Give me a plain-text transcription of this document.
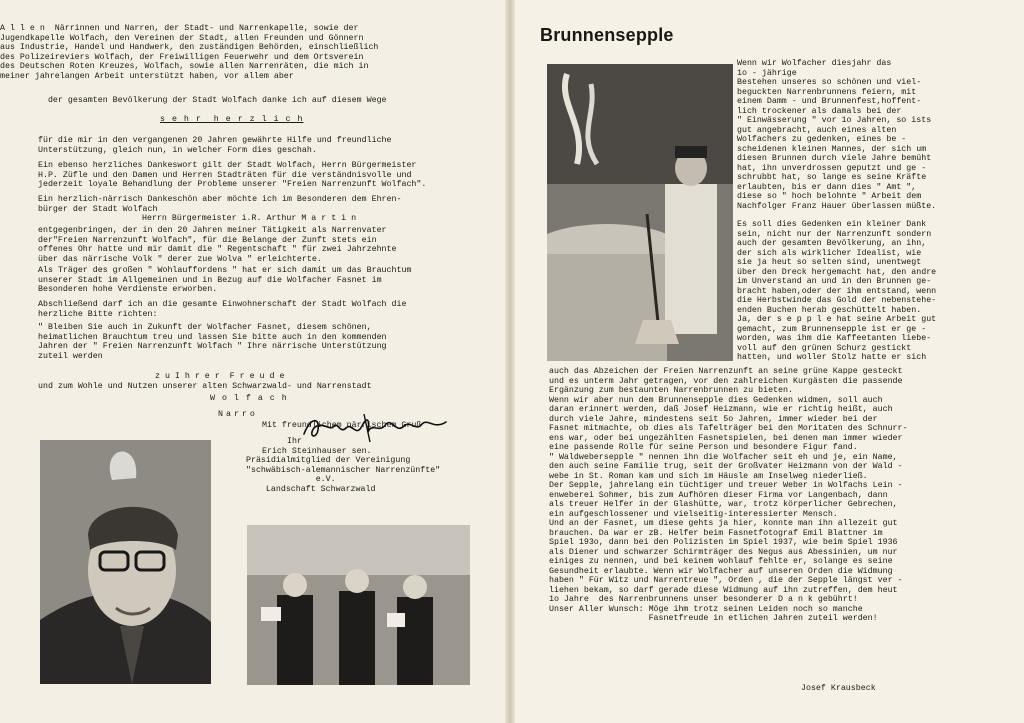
A l l e n  Närrinnen und Narren, der Stadt- und Narrenkapelle, sowie der
Jugendkapelle Wolfach, den Vereinen der Stadt, allen Freunden und Gönnern
aus Industrie, Handel und Handwerk, den zuständigen Behörden, einschließlich
des Polizeireviers Wolfach, der Freiwilligen Feuerwehr und dem Ortsverein
des Deutschen Roten Kreuzes, Wolfach, sowie allen Narrenräten, die mich in
meiner jahrelangen Arbeit unterstützt haben, vor allem aber

der gesamten Bevölkerung der Stadt Wolfach danke ich auf diesem Wege

s e h r  h e r z l i c h

für die mir in den vergangenen 20 Jahren gewährte Hilfe und freundliche
Unterstützung, gleich nun, in welcher Form dies geschah.

Ein ebenso herzliches Dankeswort gilt der Stadt Wolfach, Herrn Bürgermeister
H.P. Züfle und den Damen und Herren Stadträten für die verständnisvolle und
jederzeit loyale Behandlung der Probleme unserer "Freien Narrenzunft Wolfach".

Ein herzlich-närrisch Dankeschön aber möchte ich im Besonderen dem Ehren-
bürger der Stadt Wolfach

Herrn Bürgermeister i.R. Arthur M a r t i n

entgegenbringen, der in den 20 Jahren meiner Tätigkeit als Narrenvater
der"Freien Narrenzunft Wolfach", für die Belange der Zunft stets ein
offenes Ohr hatte und mir damit die " Regentschaft " für zwei Jahrzehnte
über das närrische Volk " derer zue Wolva " erleichterte.

Als Träger des großen " Wohlauffordens " hat er sich damit um das Brauchtum
unserer Stadt im Allgemeinen und in Bezug auf die Wolfacher Fasnet im
Besonderen hohe Verdienste erworben.

Abschließend darf ich an die gesamte Einwohnerschaft der Stadt Wolfach die
herzliche Bitte richten:

" Bleiben Sie auch in Zukunft der Wolfacher Fasnet, diesem schönen,
heimatlichen Brauchtum treu und lassen Sie bitte auch in den kommenden
Jahren der " Freien Narrenzunft Wolfach " Ihre närrische Unterstützung
zuteil werden

z u I h r e r  F r e u d e

und zum Wohle und Nutzen unserer alten Schwarzwald- und Narrenstadt

W o l f a c h

Narro

Mit freundlichem närrischem Gruß

Ihr

Erich Steinhauser sen.

Präsidialmitglied der Vereinigung
"schwäbisch-alemannischer Narrenzünfte"
e.V.
Landschaft Schwarzwald

Brunnensepple

Wenn wir Wolfacher diesjahr das
1o - jährige
Bestehen unseres so schönen und viel-
beguckten Narrenbrunnens feiern, mit
einem Damm - und Brunnenfest,hoffent-
lich trockener als damals bei der
" Einwässerung " vor 1o Jahren, so ists
gut angebracht, auch eines alten
Wolfachers zu gedenken, eines be -
scheidenen kleinen Mannes, der sich um
diesen Brunnen durch viele Jahre bemüht
hat, ihn unverdrossen geputzt und ge -
schrubbt hat, so lange es seine Kräfte
erlaubten, bis er dann dies " Amt ",
diese so " hoch belohnte " Arbeit dem
Nachfolger Franz Hauer überlassen müßte.

Es soll dies Gedenken ein kleiner Dank
sein, nicht nur der Narrenzunft sondern
auch der gesamten Bevölkerung, an ihn,
der sich als wirklicher Idealist, wie
sie ja heut so selten sind, unentwegt
über den Dreck hergemacht hat, den andre
im Unverstand an und in den Brunnen ge-
bracht haben,oder der ihm entstand, wenn
die Herbstwinde das Gold der nebenstehe-
enden Buchen herab geschüttelt haben.
Ja, der s e p p l e hat seine Arbeit gut
gemacht, zum Brunnensepple ist er ge -
worden, was ihm die Kaffeetanten liebe-
voll auf den grünen Schurz gestickt
hatten, und woller Stolz hatte er sich

auch das Abzeichen der Freien Narrenzunft an seine grüne Kappe gesteckt
und es unterm Jahr getragen, vor den zahlreichen Kurgästen die passende
Ergänzung zum bestaunten Narrenbrunnen zu bieten.
Wenn wir aber nun dem Brunnensepple dies Gedenken widmen, soll auch
daran erinnert werden, daß Josef Heizmann, wie er richtig heißt, auch
durch viele Jahre, mindestens seit 5o Jahren, immer wieder bei der
Fasnet mitmachte, ob dies als Tafelträger bei den Moritaten des Schnurr-
ens war, oder bei ungezählten Fasnetspielen, bei denen man immer wieder
eine passende Rolle für seine Person und besondere Figur fand.
" Waldwebersepple " nennen ihn die Wolfacher seit eh und je, ein Name,
den auch seine Familie trug, seit der Großvater Heizmann von der Wald -
webe in St. Roman kam und sich im Häusle am Inselweg niederließ.
Der Sepple, jahrelang ein tüchtiger und treuer Weber in Wolfachs Lein -
enweberei Sohmer, bis zum Aufhören dieser Firma vor Langenbach, dann
als treuer Helfer in der Glashütte, war, trotz körperlicher Gebrechen,
ein aufgeschlossener und vielseitig-interessierter Mensch.
Und an der Fasnet, um diese gehts ja hier, konnte man ihn allezeit gut
brauchen. Da war er zB. Helfer beim Fasnetfotograf Emil Blattner im
Spiel 193o, dann bei den Polizisten im Spiel 1937, wie beim Spiel 1936
als Diener und schwarzer Schirmträger des Negus aus Abessinien, um nur
einiges zu nennen, und bei keinem wohlauf fehlte er, solange es seine
Gesundheit erlaubte. Wenn wir Wolfacher auf unseren Orden die Widmung
haben " Für Witz und Narrentreue ", Orden , die der Sepple längst ver -
liehen bekam, so darf gerade diese Widmung auf ihn zutreffen, dem heut
1o Jahre  des Narrenbrunnens unser besonderer D a n k gebührt!
Unser Aller Wunsch: Möge ihm trotz seinen Leiden noch so manche
Fasnetfreude in etlichen Jahren zuteil werden!

Josef Krausbeck
